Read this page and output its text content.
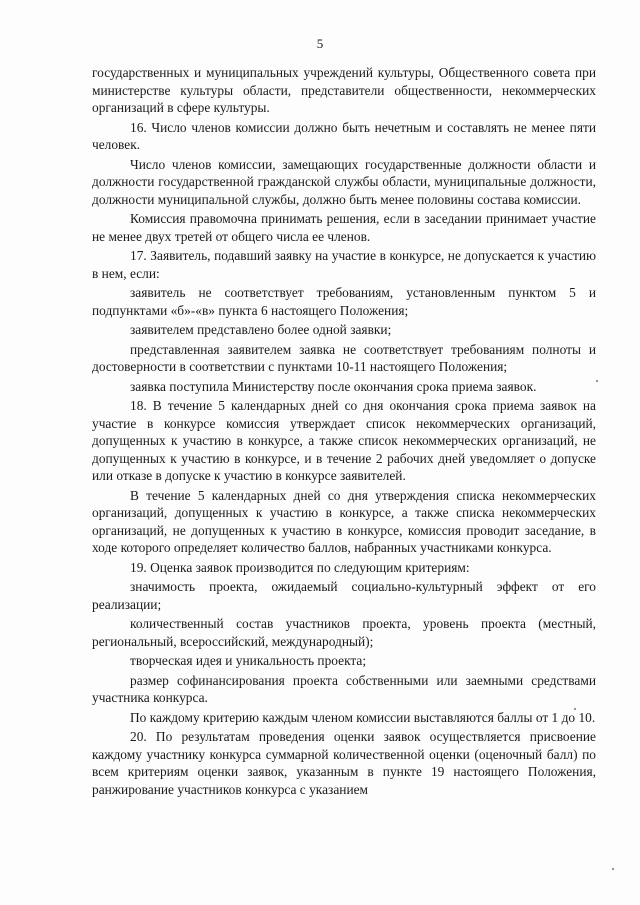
5

государственных и муниципальных учреждений культуры, Общественного совета при министерстве культуры области, представители общественности, некоммерческих организаций в сфере культуры.

16. Число членов комиссии должно быть нечетным и составлять не менее пяти человек.

Число членов комиссии, замещающих государственные должности области и должности государственной гражданской службы области, муниципальные должности, должности муниципальной службы, должно быть менее половины состава комиссии.

Комиссия правомочна принимать решения, если в заседании принимает участие не менее двух третей от общего числа ее членов.

17. Заявитель, подавший заявку на участие в конкурсе, не допускается к участию в нем, если:

заявитель не соответствует требованиям, установленным пунктом 5 и подпунктами «б»-«в» пункта 6 настоящего Положения;

заявителем представлено более одной заявки;

представленная заявителем заявка не соответствует требованиям полноты и достоверности в соответствии с пунктами 10-11 настоящего Положения;

заявка поступила Министерству после окончания срока приема заявок.

18. В течение 5 календарных дней со дня окончания срока приема заявок на участие в конкурсе комиссия утверждает список некоммерческих организаций, допущенных к участию в конкурсе, а также список некоммерческих организаций, не допущенных к участию в конкурсе, и в течение 2 рабочих дней уведомляет о допуске или отказе в допуске к участию в конкурсе заявителей.

В течение 5 календарных дней со дня утверждения списка некоммерческих организаций, допущенных к участию в конкурсе, а также списка некоммерческих организаций, не допущенных к участию в конкурсе, комиссия проводит заседание, в ходе которого определяет количество баллов, набранных участниками конкурса.

19. Оценка заявок производится по следующим критериям:

значимость проекта, ожидаемый социально-культурный эффект от его реализации;

количественный состав участников проекта, уровень проекта (местный, региональный, всероссийский, международный);

творческая идея и уникальность проекта;

размер софинансирования проекта собственными или заемными средствами участника конкурса.

По каждому критерию каждым членом комиссии выставляются баллы от 1 до 10.

20. По результатам проведения оценки заявок осуществляется присвоение каждому участнику конкурса суммарной количественной оценки (оценочный балл) по всем критериям оценки заявок, указанным в пункте 19 настоящего Положения, ранжирование участников конкурса с указанием
